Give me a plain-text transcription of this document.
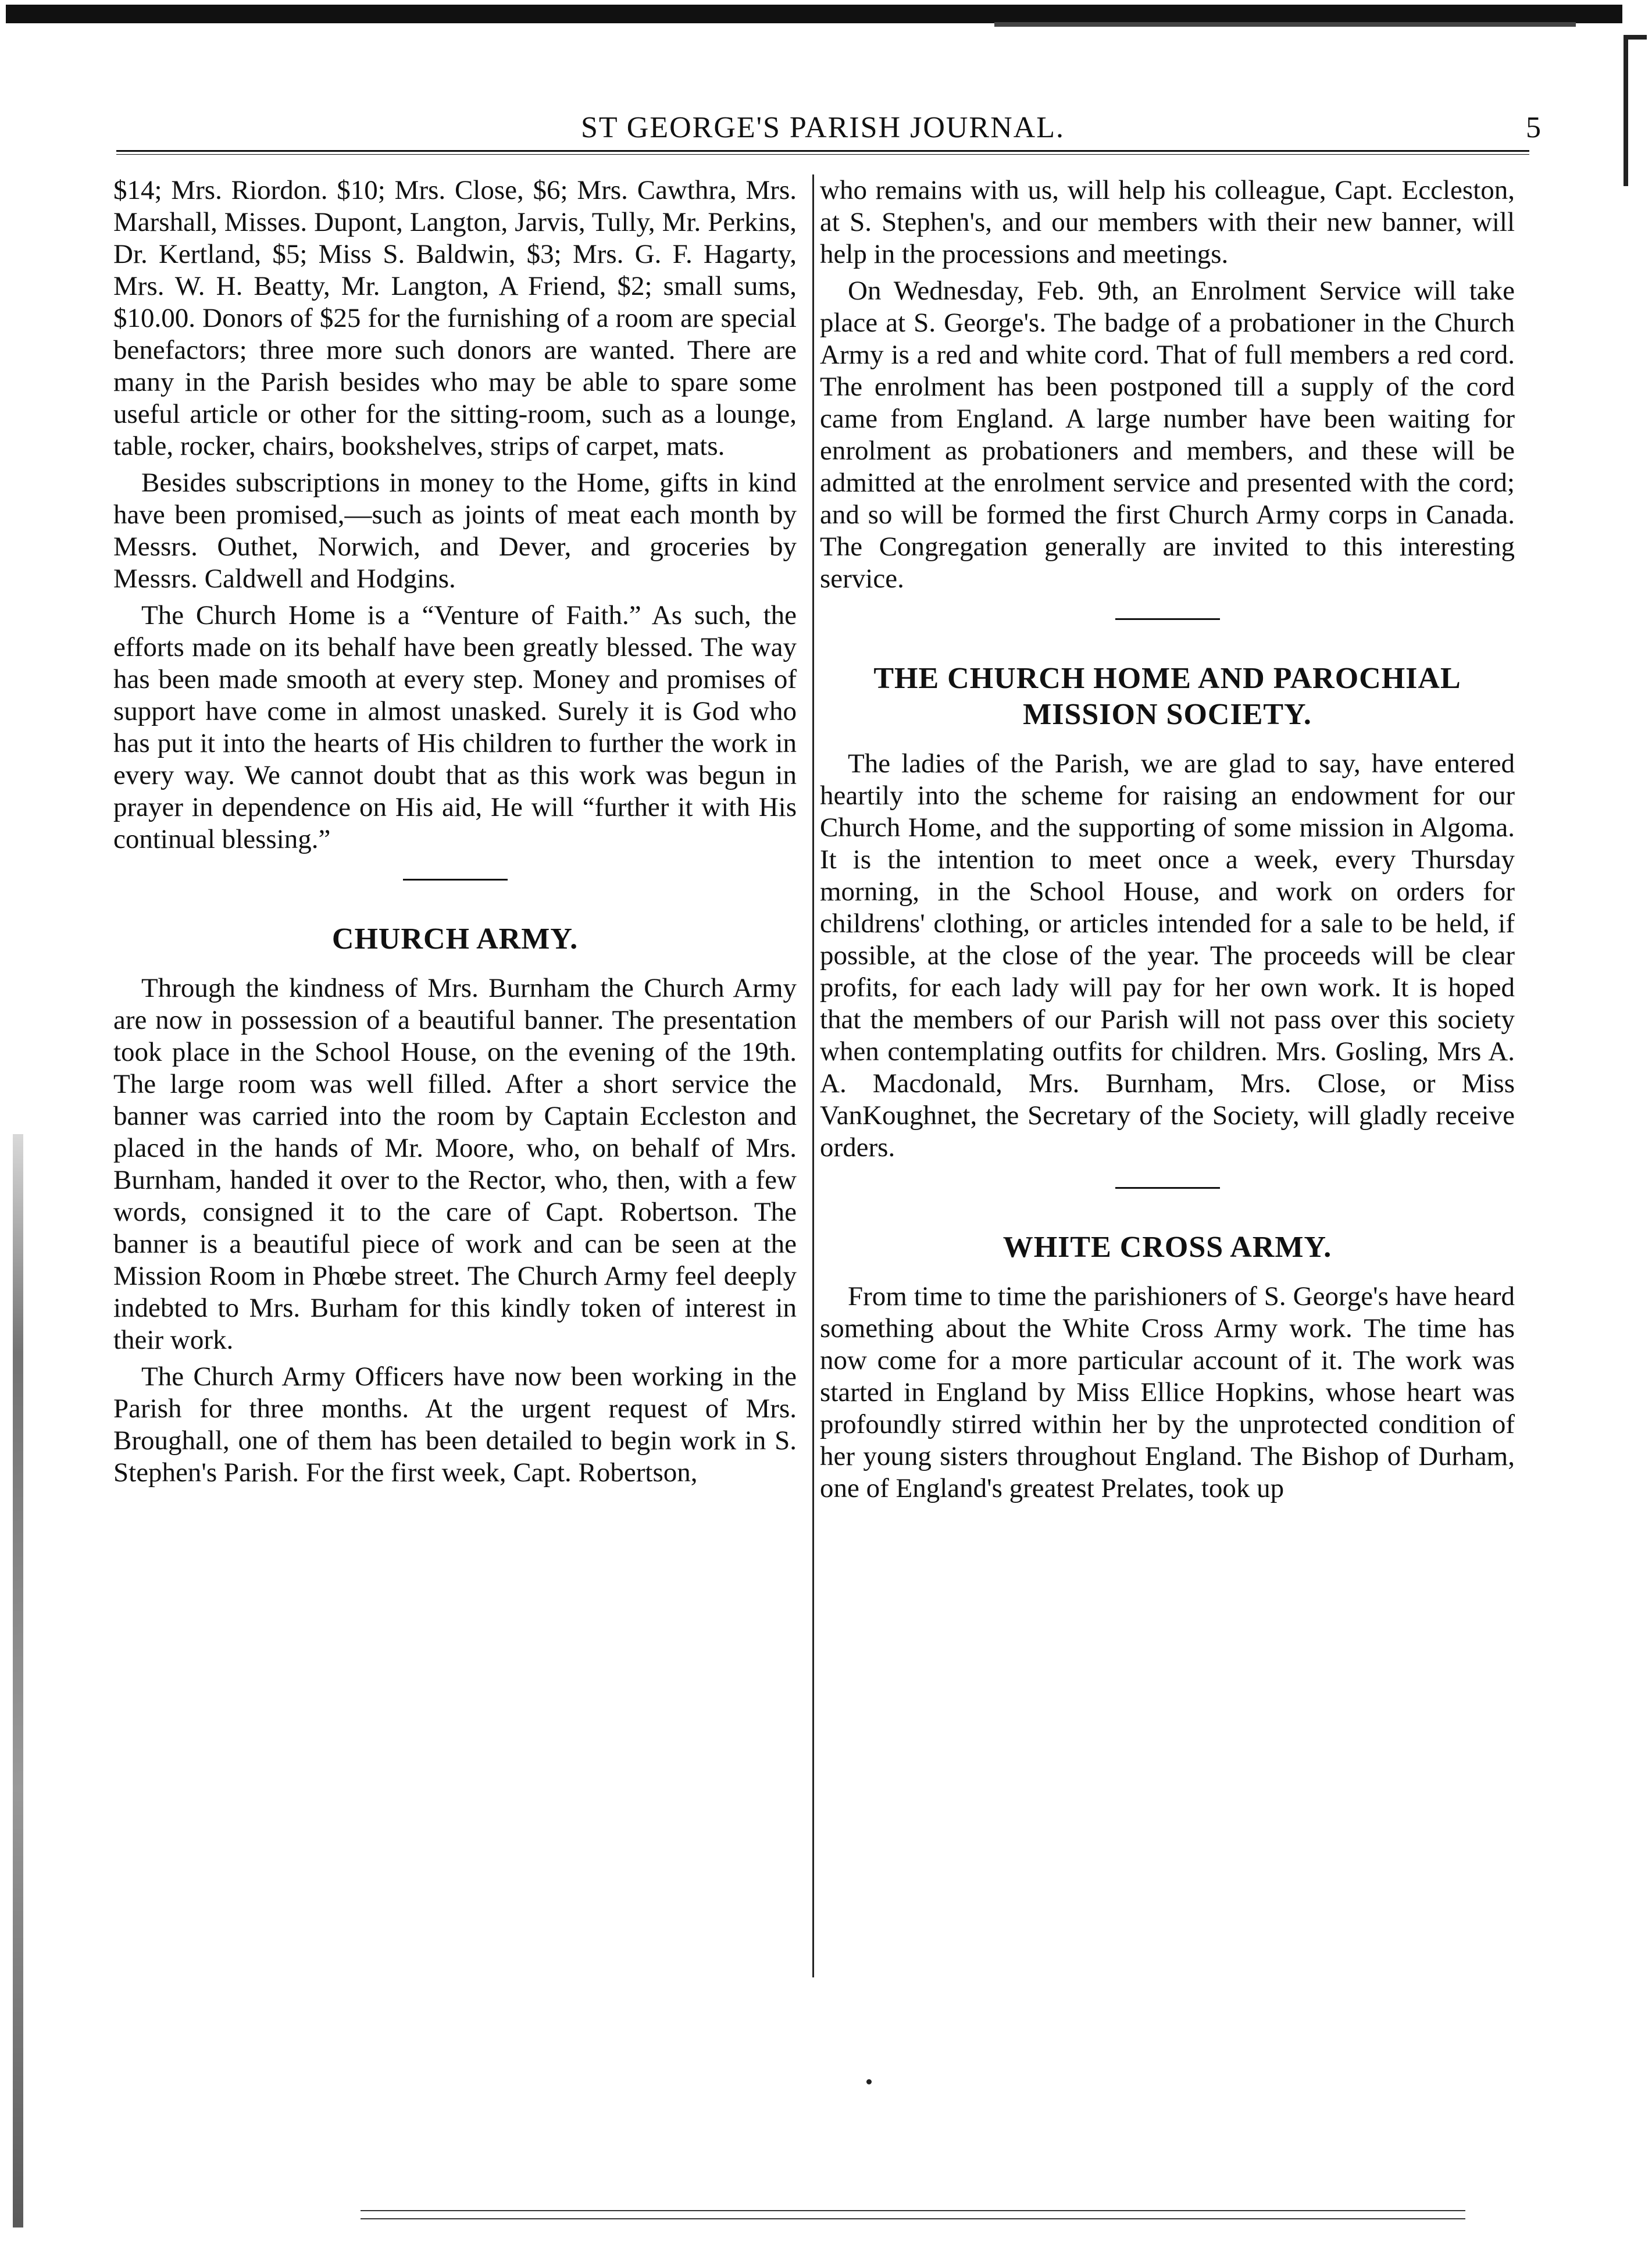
ST GEORGE'S PARISH JOURNAL.	5

$14; Mrs. Riordon. $10; Mrs. Close, $6; Mrs. Cawthra, Mrs. Marshall, Misses. Dupont, Langton, Jarvis, Tully, Mr. Perkins, Dr. Kertland, $5; Miss S. Baldwin, $3; Mrs. G. F. Hagarty, Mrs. W. H. Beatty, Mr. Langton, A Friend, $2; small sums, $10.00. Donors of $25 for the furnishing of a room are special benefactors; three more such donors are wanted. There are many in the Parish besides who may be able to spare some useful article or other for the sitting-room, such as a lounge, table, rocker, chairs, bookshelves, strips of carpet, mats.

Besides subscriptions in money to the Home, gifts in kind have been promised,—such as joints of meat each month by Messrs. Outhet, Norwich, and Dever, and groceries by Messrs. Caldwell and Hodgins.

The Church Home is a “Venture of Faith.” As such, the efforts made on its behalf have been greatly blessed. The way has been made smooth at every step. Money and promises of support have come in almost unasked. Surely it is God who has put it into the hearts of His children to further the work in every way. We cannot doubt that as this work was begun in prayer in dependence on His aid, He will “further it with His continual blessing.”

CHURCH ARMY.

Through the kindness of Mrs. Burnham the Church Army are now in possession of a beautiful banner. The presentation took place in the School House, on the evening of the 19th. The large room was well filled. After a short service the banner was carried into the room by Captain Eccleston and placed in the hands of Mr. Moore, who, on behalf of Mrs. Burnham, handed it over to the Rector, who, then, with a few words, consigned it to the care of Capt. Robertson. The banner is a beautiful piece of work and can be seen at the Mission Room in Phœbe street. The Church Army feel deeply indebted to Mrs. Burham for this kindly token of interest in their work.

The Church Army Officers have now been working in the Parish for three months. At the urgent request of Mrs. Broughall, one of them has been detailed to begin work in S. Stephen's Parish. For the first week, Capt. Robertson,

who remains with us, will help his colleague, Capt. Eccleston, at S. Stephen's, and our members with their new banner, will help in the processions and meetings.

On Wednesday, Feb. 9th, an Enrolment Service will take place at S. George's. The badge of a probationer in the Church Army is a red and white cord. That of full members a red cord. The enrolment has been postponed till a supply of the cord came from England. A large number have been waiting for enrolment as probationers and members, and these will be admitted at the enrolment service and presented with the cord; and so will be formed the first Church Army corps in Canada. The Congregation generally are invited to this interesting service.

THE CHURCH HOME AND PAROCHIAL MISSION SOCIETY.

The ladies of the Parish, we are glad to say, have entered heartily into the scheme for raising an endowment for our Church Home, and the supporting of some mission in Algoma. It is the intention to meet once a week, every Thursday morning, in the School House, and work on orders for childrens' clothing, or articles intended for a sale to be held, if possible, at the close of the year. The proceeds will be clear profits, for each lady will pay for her own work. It is hoped that the members of our Parish will not pass over this society when contemplating outfits for children. Mrs. Gosling, Mrs A. A. Macdonald, Mrs. Burnham, Mrs. Close, or Miss VanKoughnet, the Secretary of the Society, will gladly receive orders.

WHITE CROSS ARMY.

From time to time the parishioners of S. George's have heard something about the White Cross Army work. The time has now come for a more particular account of it. The work was started in England by Miss Ellice Hopkins, whose heart was profoundly stirred within her by the unprotected condition of her young sisters throughout England. The Bishop of Durham, one of England's greatest Prelates, took up
